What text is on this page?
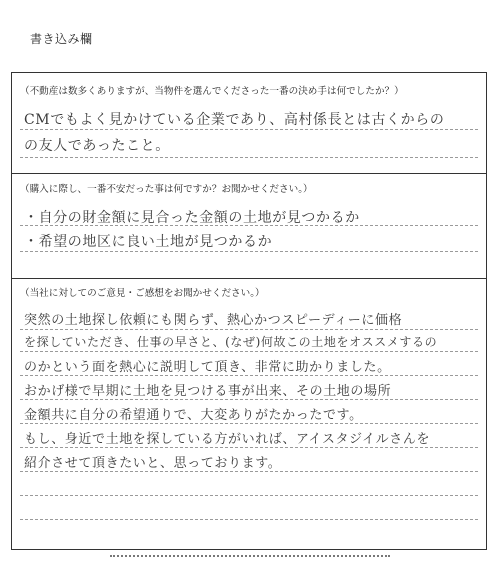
書き込み欄
（不動産は数多くありますが、当物件を選んでくださった一番の決め手は何でしたか？）
CMでもよく見かけている企業であり、高村係長とは古くからの
の友人であったこと。
（購入に際し、一番不安だった事は何ですか？お聞かせください。）
・自分の財金額に見合った金額の土地が見つかるか
・希望の地区に良い土地が見つかるか
（当社に対してのご意見・ご感想をお聞かせください。）
突然の土地探し依頼にも関らず、熱心かつスピーディーに価格
を探していただき、仕事の早さと、(なぜ)何故この土地をオススメするの
のかという面を熱心に説明して頂き、非常に助かりました。
おかげ様で早期に土地を見つける事が出来、その土地の場所
金額共に自分の希望通りで、大変ありがたかったです。
もし、身近で土地を探している方がいれば、アイスタジイルさんを
紹介させて頂きたいと、思っております。
